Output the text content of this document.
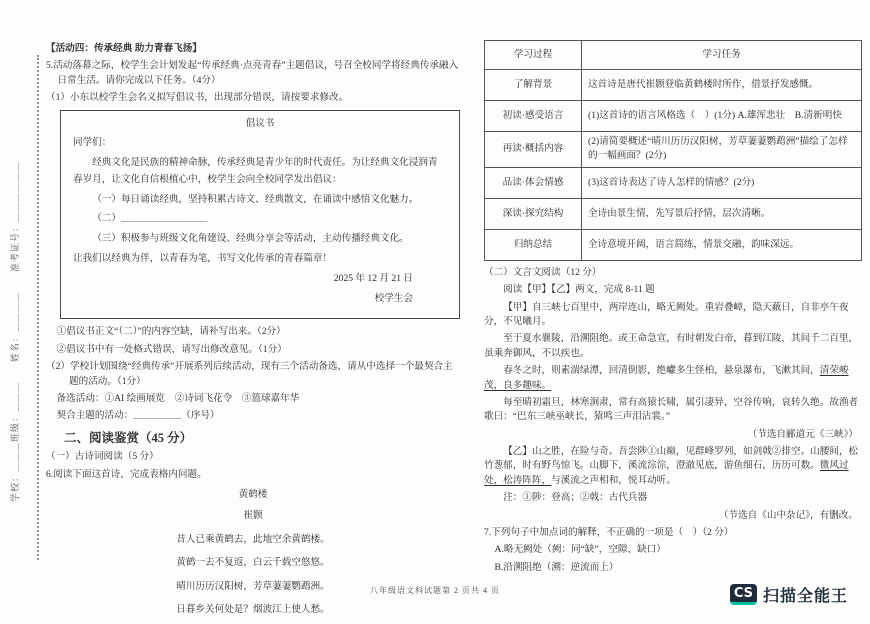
学校：＿＿＿班级：＿＿＿　　姓名：＿＿＿＿　　准考证号：＿＿＿＿＿＿

【活动四：传承经典 助力青春飞扬】

5.活动落幕之际，校学生会计划发起“传承经典·点亮青春”主题倡议，号召全校同学将经典传承融入日常生活。请你完成以下任务。（4分）

（1）小东以校学生会名义拟写倡议书，出现部分错误，请按要求修改。

倡议书

同学们：

经典文化是民族的精神命脉，传承经典是青少年的时代责任。为让经典文化浸润青春岁月，让文化自信根植心中，校学生会向全校同学发出倡议：

（一）每日诵读经典，坚持积累古诗文、经典散文，在诵读中感悟文化魅力。

（二）＿＿＿＿＿＿＿＿＿

（三）积极参与班级文化角建设、经典分享会等活动，主动传播经典文化。

让我们以经典为伴，以青春为笔，书写文化传承的青春篇章！

2025 年 12 月 21 日

校学生会

①倡议书正文“（二）”的内容空缺，请补写出来。（2分）

②倡议书中有一处格式错误，请写出修改意见。（1分）

（2）学校计划围绕“经典传承”开展系列后续活动，现有三个活动备选，请从中选择一个最契合主题的活动。（1分）

备选活动：①AI 绘画展览　②诗词飞花令　③篮球嘉年华

契合主题的活动：＿＿＿＿＿（序号）

二、阅读鉴赏（45 分）

（一）古诗词阅读（5 分）

6.阅读下面这首诗，完成表格内问题。

黄鹤楼

崔颢

昔人已乘黄鹤去，此地空余黄鹤楼。

黄鹤一去不复返，白云千载空悠悠。

晴川历历汉阳树，芳草萋萋鹦鹉洲。

日暮乡关何处是？烟波江上使人愁。

学习过程	学习任务
了解背景	这首诗是唐代崔颢登临黄鹤楼时所作，借景抒发感慨。
初读·感受语言	(1)这首诗的语言风格选（　）(1分) A.雄浑悲壮　B.清新明快
再读·概括内容	(2)请简要概述“晴川历历汉阳树，芳草萋萋鹦鹉洲”描绘了怎样的一幅画面？(2分)
品读·体会情感	(3)这首诗表达了诗人怎样的情感？(2分)
深读·探究结构	全诗由景生情，先写景后抒情，层次清晰。
归纳总结	全诗意境开阔，语言简练，情景交融，韵味深远。

（二）文言文阅读（12 分）

阅读【甲】【乙】两文，完成 8-11 题

【甲】自三峡七百里中，两岸连山，略无阙处。重岩叠嶂，隐天蔽日，自非亭午夜分，不见曦月。

至于夏水襄陵，沿溯阻绝。或王命急宣，有时朝发白帝，暮到江陵，其间千二百里，虽乘奔御风，不以疾也。

春冬之时，则素湍绿潭，回清倒影，绝巘多生怪柏，悬泉瀑布，飞漱其间，清荣峻茂，良多趣味。

每至晴初霜旦，林寒涧肃，常有高猿长啸，属引凄异，空谷传响，哀转久绝。故渔者歌曰：“巴东三峡巫峡长，猿鸣三声泪沾裳。”

（节选自郦道元《三峡》）

【乙】山之胜，在险与奇。吾尝陟①山巅，见群峰罗列，如剑戟②排空。山腰间，松竹葱郁，时有野鸟惊飞。山脚下，溪流淙淙，澄澈见底，游鱼细石，历历可数。微风过处，松涛阵阵，与溪流之声相和，悦耳动听。

注：①陟：登高；②戟：古代兵器

（节选自《山中杂记》，有删改。

7.下列句子中加点词的解释，不正确的一项是（　）（2 分）

A.略无阙处（阙：同“缺”，空隙、缺口）

B.沿溯阻绝（溯：逆流而上）

八年级语文科试题第 2 页共 4 页	CS 扫描全能王
